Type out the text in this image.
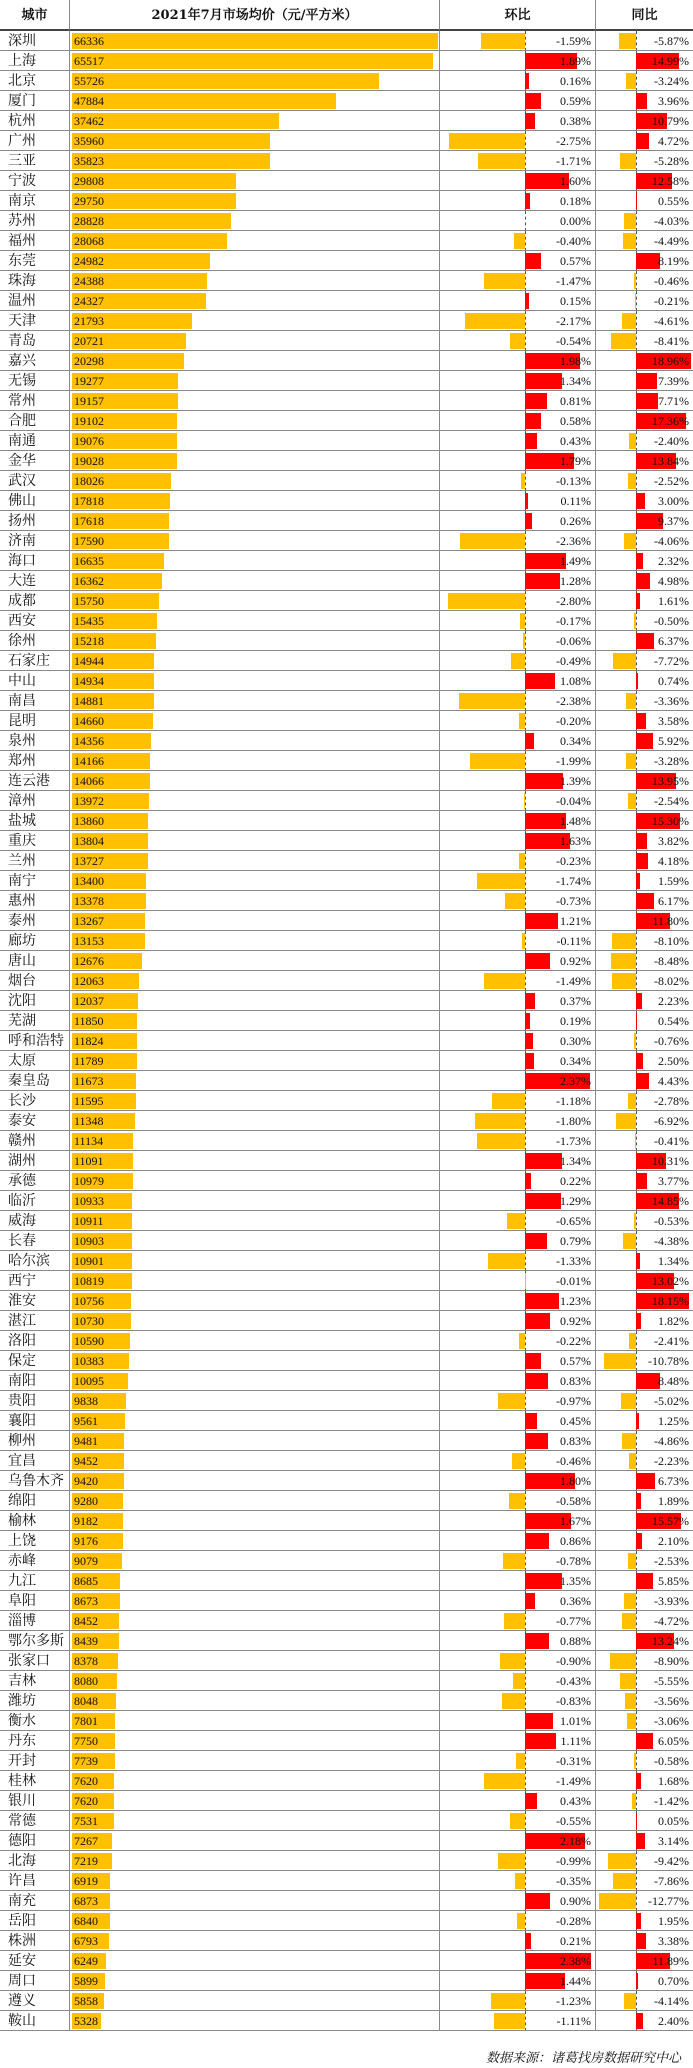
城市	2021年7月市场均价（元/平方米）	环比	同比
深圳	66336	-1.59%	-5.87%
上海	65517	1.89%	14.99%
北京	55726	0.16%	-3.24%
厦门	47884	0.59%	3.96%
杭州	37462	0.38%	10.79%
广州	35960	-2.75%	4.72%
三亚	35823	-1.71%	-5.28%
宁波	29808	1.60%	12.58%
南京	29750	0.18%	0.55%
苏州	28828	0.00%	-4.03%
福州	28068	-0.40%	-4.49%
东莞	24982	0.57%	8.19%
珠海	24388	-1.47%	-0.46%
温州	24327	0.15%	-0.21%
天津	21793	-2.17%	-4.61%
青岛	20721	-0.54%	-8.41%
嘉兴	20298	1.98%	18.96%
无锡	19277	1.34%	7.39%
常州	19157	0.81%	7.71%
合肥	19102	0.58%	17.36%
南通	19076	0.43%	-2.40%
金华	19028	1.79%	13.84%
武汉	18026	-0.13%	-2.52%
佛山	17818	0.11%	3.00%
扬州	17618	0.26%	9.37%
济南	17590	-2.36%	-4.06%
海口	16635	1.49%	2.32%
大连	16362	1.28%	4.98%
成都	15750	-2.80%	1.61%
西安	15435	-0.17%	-0.50%
徐州	15218	-0.06%	6.37%
石家庄	14944	-0.49%	-7.72%
中山	14934	1.08%	0.74%
南昌	14881	-2.38%	-3.36%
昆明	14660	-0.20%	3.58%
泉州	14356	0.34%	5.92%
郑州	14166	-1.99%	-3.28%
连云港	14066	1.39%	13.95%
漳州	13972	-0.04%	-2.54%
盐城	13860	1.48%	15.30%
重庆	13804	1.63%	3.82%
兰州	13727	-0.23%	4.18%
南宁	13400	-1.74%	1.59%
惠州	13378	-0.73%	6.17%
泰州	13267	1.21%	11.80%
廊坊	13153	-0.11%	-8.10%
唐山	12676	0.92%	-8.48%
烟台	12063	-1.49%	-8.02%
沈阳	12037	0.37%	2.23%
芜湖	11850	0.19%	0.54%
呼和浩特 11824	0.30%	-0.76%
太原	11789	0.34%	2.50%
秦皇岛	11673	2.37%	4.43%
长沙	11595	-1.18%	-2.78%
泰安	11348	-1.80%	-6.92%
赣州	11134	-1.73%	-0.41%
湖州	11091	1.34%	10.31%
承德	10979	0.22%	3.77%
临沂	10933	1.29%	14.85%
威海	10911	-0.65%	-0.53%
长春	10903	0.79%	-4.38%
哈尔滨	10901	-1.33%	1.34%
西宁	10819	-0.01%	13.02%
淮安	10756	1.23%	18.15%
湛江	10730	0.92%	1.82%
洛阳	10590	-0.22%	-2.41%
保定	10383	0.57%	-10.78%
南阳	10095	0.83%	8.48%
贵阳	9838	-0.97%	-5.02%
襄阳	9561	0.45%	1.25%
柳州	9481	0.83%	-4.86%
宜昌	9452	-0.46%	-2.23%
乌鲁木齐 9420	1.80%	6.73%
绵阳	9280	-0.58%	1.89%
榆林	9182	1.67%	15.57%
上饶	9176	0.86%	2.10%
赤峰	9079	-0.78%	-2.53%
九江	8685	1.35%	5.85%
阜阳	8673	0.36%	-3.93%
淄博	8452	-0.77%	-4.72%
鄂尔多斯 8439	0.88%	13.24%
张家口	8378	-0.90%	-8.90%
吉林	8080	-0.43%	-5.55%
潍坊	8048	-0.83%	-3.56%
衡水	7801	1.01%	-3.06%
丹东	7750	1.11%	6.05%
开封	7739	-0.31%	-0.58%
桂林	7620	-1.49%	1.68%
银川	7620	0.43%	-1.42%
常德	7531	-0.55%	0.05%
德阳	7267	2.18%	3.14%
北海	7219	-0.99%	-9.42%
许昌	6919	-0.35%	-7.86%
南充	6873	0.90%	-12.77%
岳阳	6840	-0.28%	1.95%
株洲	6793	0.21%	3.38%
延安	6249	2.38%	11.89%
周口	5899	1.44%	0.70%
遵义	5858	-1.23%	-4.14%
鞍山	5328	-1.11%	2.40%
数据来源：诸葛找房数据研究中心
